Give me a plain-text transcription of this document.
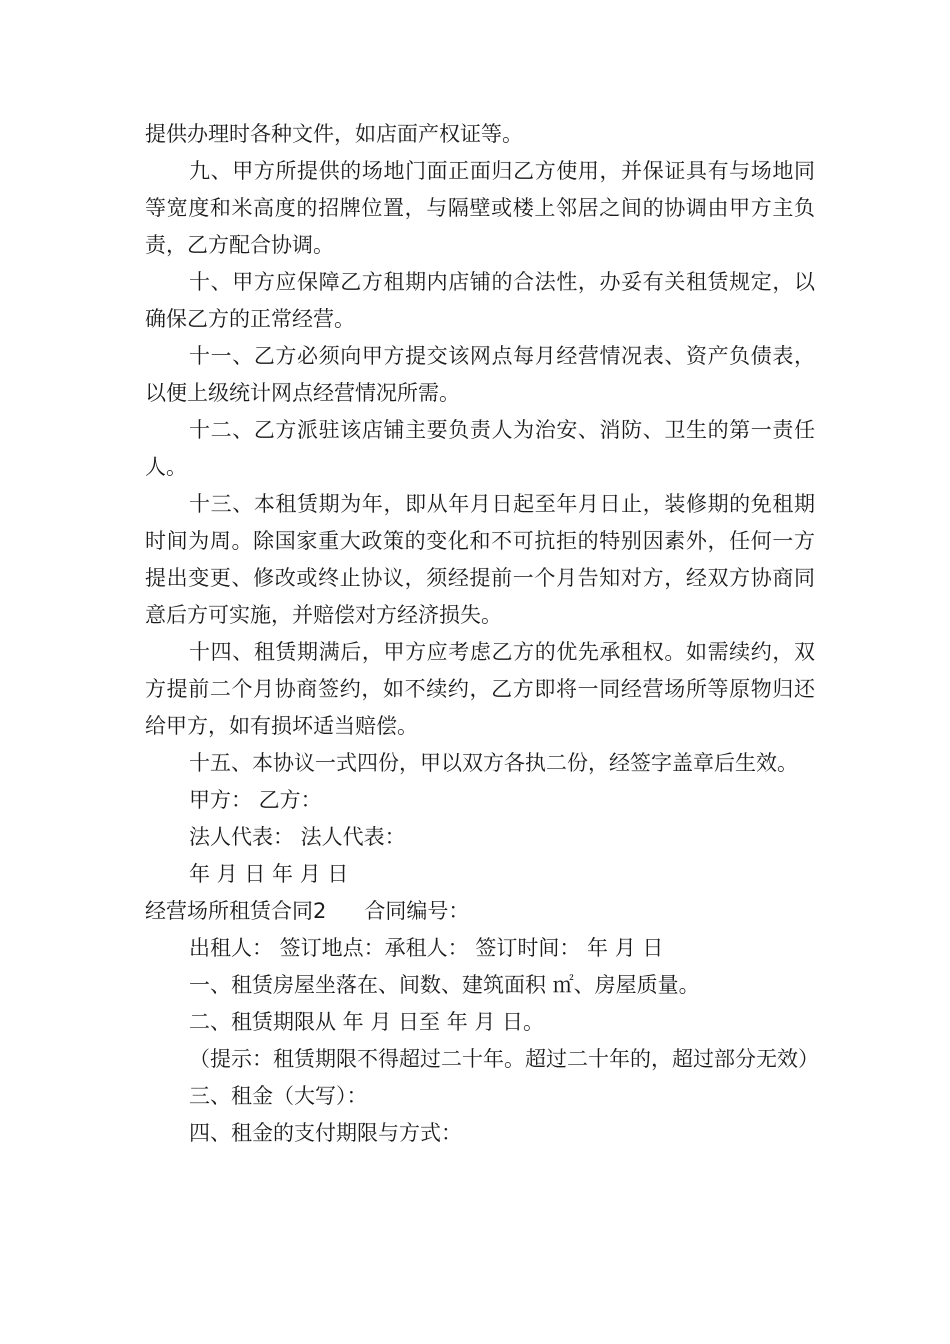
提供办理时各种文件，如店面产权证等。

九、甲方所提供的场地门面正面归乙方使用，并保证具有与场地同等宽度和米高度的招牌位置，与隔壁或楼上邻居之间的协调由甲方主负责，乙方配合协调。

十、甲方应保障乙方租期内店铺的合法性，办妥有关租赁规定，以确保乙方的正常经营。

十一、乙方必须向甲方提交该网点每月经营情况表、资产负债表，以便上级统计网点经营情况所需。

十二、乙方派驻该店铺主要负责人为治安、消防、卫生的第一责任人。

十三、本租赁期为年，即从年月日起至年月日止，装修期的免租期时间为周。除国家重大政策的变化和不可抗拒的特别因素外，任何一方提出变更、修改或终止协议，须经提前一个月告知对方，经双方协商同意后方可实施，并赔偿对方经济损失。

十四、租赁期满后，甲方应考虑乙方的优先承租权。如需续约，双方提前二个月协商签约，如不续约，乙方即将一同经营场所等原物归还给甲方，如有损坏适当赔偿。

十五、本协议一式四份，甲以双方各执二份，经签字盖章后生效。

甲方： 乙方：

法人代表： 法人代表：

年 月 日 年 月 日

经营场所租赁合同2 合同编号：

出租人： 签订地点：承租人： 签订时间： 年 月 日

一、租赁房屋坐落在、间数、建筑面积 ㎡、房屋质量。

二、租赁期限从 年 月 日至 年 月 日。

（提示：租赁期限不得超过二十年。超过二十年的，超过部分无效）

三、租金（大写）：

四、租金的支付期限与方式：
